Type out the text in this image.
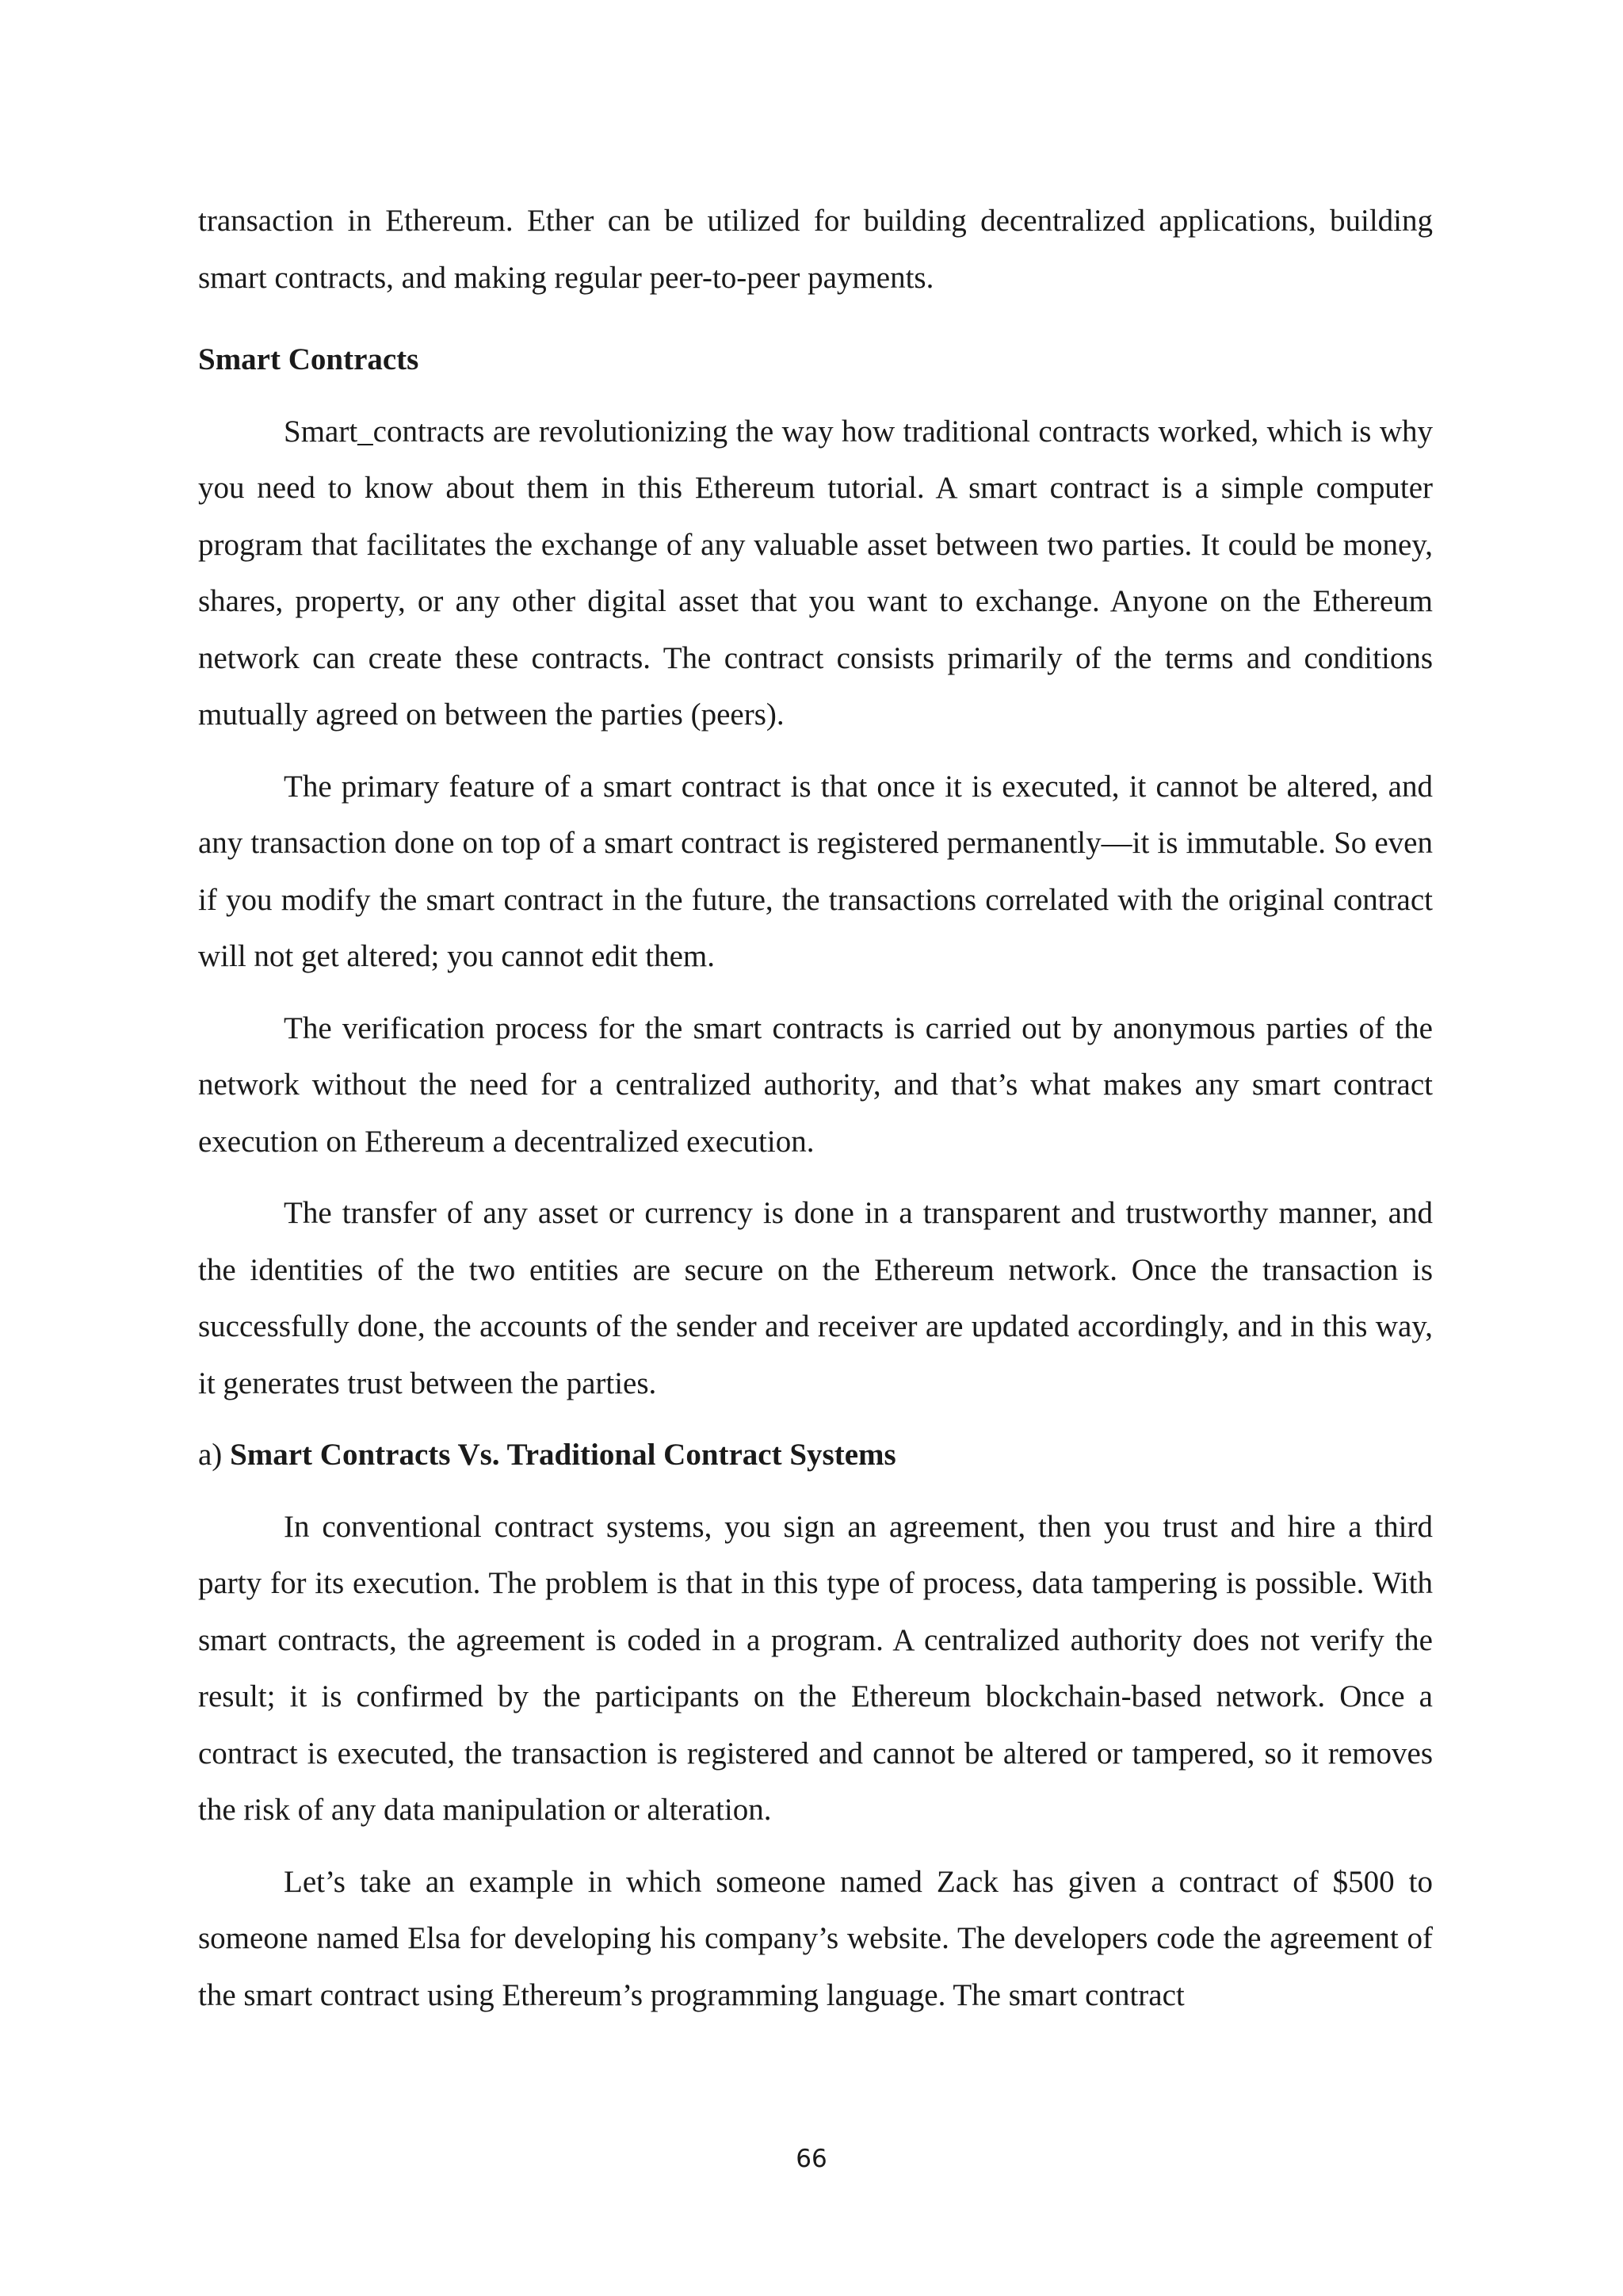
transaction in Ethereum. Ether can be utilized for building decentralized applications, building smart contracts, and making regular peer-to-peer payments.

Smart Contracts

Smart_contracts are revolutionizing the way how traditional contracts worked, which is why you need to know about them in this Ethereum tutorial. A smart contract is a simple computer program that facilitates the exchange of any valuable asset between two parties. It could be money, shares, property, or any other digital asset that you want to exchange. Anyone on the Ethereum network can create these contracts. The contract consists primarily of the terms and conditions mutually agreed on between the parties (peers).

The primary feature of a smart contract is that once it is executed, it cannot be altered, and any transaction done on top of a smart contract is registered permanently—it is immutable. So even if you modify the smart contract in the future, the transactions correlated with the original contract will not get altered; you cannot edit them.

The verification process for the smart contracts is carried out by anonymous parties of the network without the need for a centralized authority, and that’s what makes any smart contract execution on Ethereum a decentralized execution.

The transfer of any asset or currency is done in a transparent and trustworthy manner, and the identities of the two entities are secure on the Ethereum network. Once the transaction is successfully done, the accounts of the sender and receiver are updated accordingly, and in this way, it generates trust between the parties.

a) Smart Contracts Vs. Traditional Contract Systems

In conventional contract systems, you sign an agreement, then you trust and hire a third party for its execution. The problem is that in this type of process, data tampering is possible. With smart contracts, the agreement is coded in a program. A centralized authority does not verify the result; it is confirmed by the participants on the Ethereum blockchain-based network. Once a contract is executed, the transaction is registered and cannot be altered or tampered, so it removes the risk of any data manipulation or alteration.

Let’s take an example in which someone named Zack has given a contract of $500 to someone named Elsa for developing his company’s website. The developers code the agreement of the smart contract using Ethereum’s programming language. The smart contract

66
